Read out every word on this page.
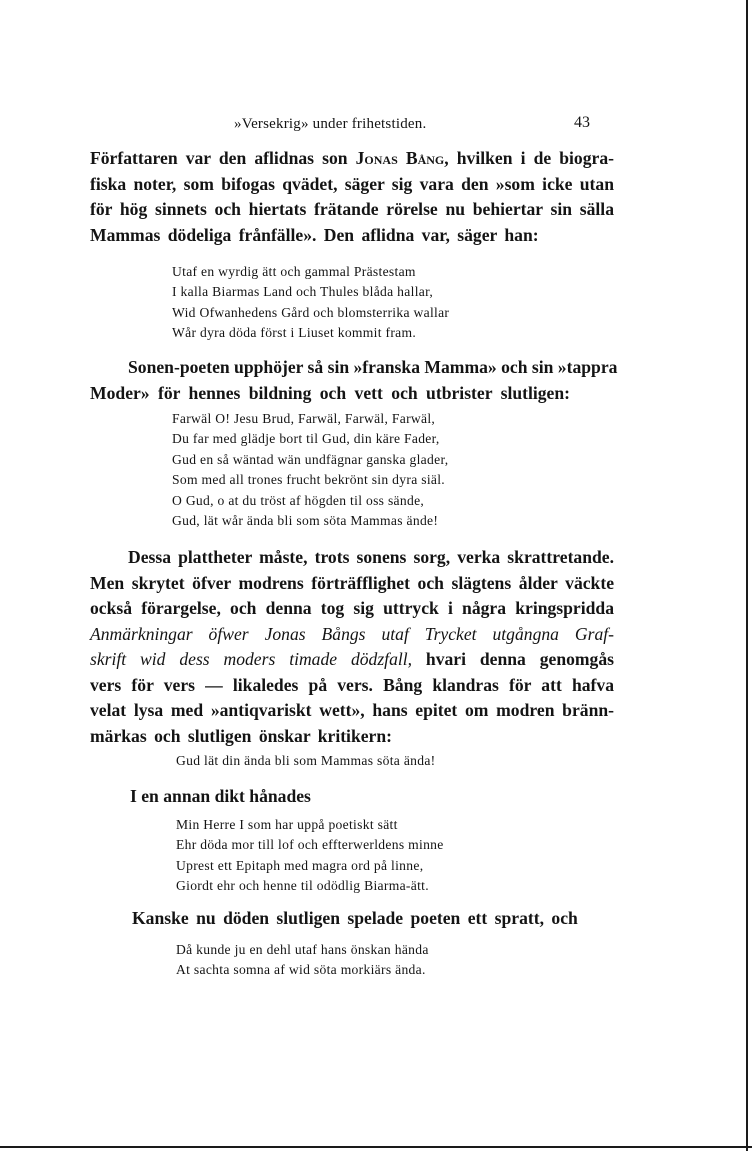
»Versekrig» under frihetstiden.	43
Författaren var den aflidnas son Jonas Bång, hvilken i de biogra-
fiska noter, som bifogas qvädet, säger sig vara den »som icke utan
för hög sinnets och hiertats frätande rörelse nu behiertar sin sälla
Mammas dödeliga frånfälle». Den aflidna var, säger han:
Utaf en wyrdig ätt och gammal Prästestam
I kalla Biarmas Land och Thules blåda hallar,
Wid Ofwanhedens Gård och blomsterrika wallar
Wår dyra döda först i Liuset kommit fram.
Sonen-poeten upphöjer så sin »franska Mamma» och sin »tappra
Moder» för hennes bildning och vett och utbrister slutligen:
Farwäl O! Jesu Brud, Farwäl, Farwäl, Farwäl,
Du far med glädje bort til Gud, din käre Fader,
Gud en så wäntad wän undfägnar ganska glader,
Som med all trones frucht bekrönt sin dyra siäl.
O Gud, o at du tröst af högden til oss sände,
Gud, lät wår ända bli som söta Mammas ände!
Dessa plattheter måste, trots sonens sorg, verka skrattretande.
Men skrytet öfver modrens förträfflighet och slägtens ålder väckte
också förargelse, och denna tog sig uttryck i några kringspridda
Anmärkningar öfwer Jonas Bångs utaf Trycket utgångna Graf-
skrift wid dess moders timade dödzfall, hvari denna genomgås
vers för vers — likaledes på vers. Bång klandras för att hafva
velat lysa med »antiqvariskt wett», hans epitet om modren bränn-
märkas och slutligen önskar kritikern:
Gud lät din ända bli som Mammas söta ända!
I en annan dikt hånades
Min Herre I som har uppå poetiskt sätt
Ehr döda mor till lof och effterwerldens minne
Uprest ett Epitaph med magra ord på linne,
Giordt ehr och henne til odödlig Biarma-ätt.
Kanske nu döden slutligen spelade poeten ett spratt, och
Då kunde ju en dehl utaf hans önskan hända
At sachta somna af wid söta morkiärs ända.
